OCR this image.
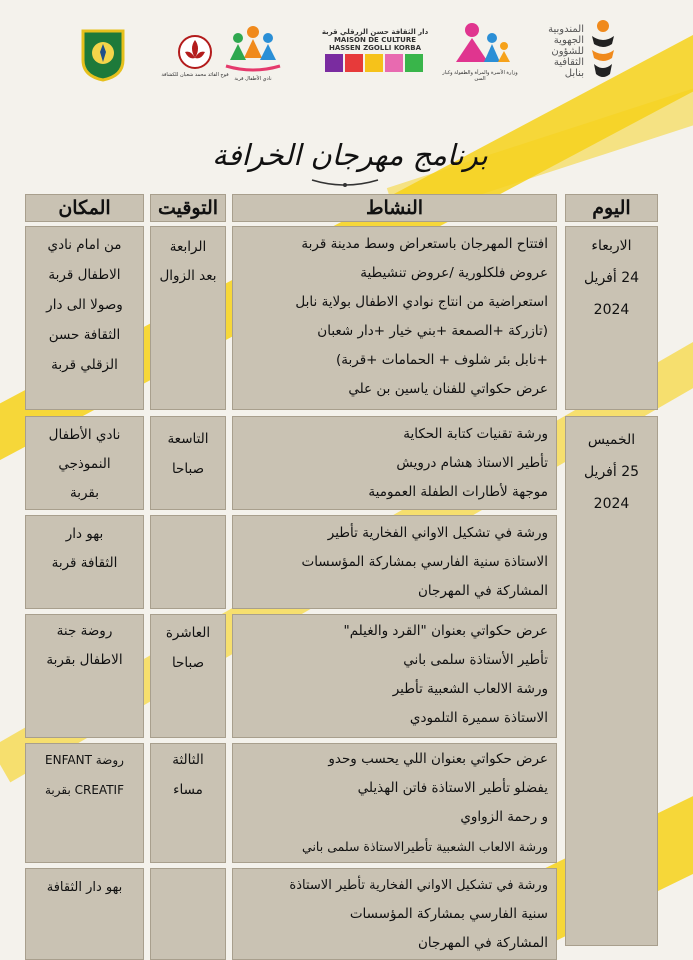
فوج القائد محمد شعبان للكشافة
نادي الأطفال قربة
دار الثقافة حسن الزرقلي قربة MAISON DE CULTURE HASSEN ZGOLLI KORBA
وزارة الأسرة والمرأة والطفولة وكبار السن
المندوبية الجهوية للشؤون الثقافية بنابل
برنامج مهرجان الخرافة
اليوم
النشاط
التوقيت
المكان
الاربعاء
24 أفريل
2024
الخميس
25 أفريل
2024
افتتاح المهرجان باستعراض وسط مدينة قربة
عروض فلكلورية /عروض تنشيطية
استعراضية من انتاج نوادي الاطفال بولاية نابل
(تازركة +الصمعة +بني خيار +دار شعبان
+نابل بئر شلوف + الحمامات +قربة)
عرض حكواتي للفنان ياسين بن علي
الرابعة
بعد الزوال
من امام نادي
الاطفال قربة
وصولا الى دار
الثقافة حسن
الزقلي قربة
ورشة تقنيات كتابة الحكاية
تأطير الاستاذ هشام درويش
موجهة لأطارات الطفلة العمومية
التاسعة
صباحا
نادي الأطفال
النموذجي
بقربة
ورشة في تشكيل الاواني الفخارية تأطير
الاستاذة سنية الفارسي بمشاركة المؤسسات
المشاركة في المهرجان
بهو دار
الثقافة قربة
عرض حكواتي بعنوان "القرد والغيلم"
تأطير الأستاذة سلمى باني
ورشة الالعاب الشعبية تأطير
الاستاذة سميرة التلمودي
العاشرة
صباحا
روضة جنة
الاطفال بقربة
عرض حكواتي بعنوان اللي يحسب وحدو
يفضلو تأطير الاستاذة فاتن الهذيلي
و رحمة الزواوي
ورشة الالعاب الشعبية تأطيرالاستاذة سلمى باني
الثالثة
مساء
روضة ENFANT
CREATIF بقربة
ورشة في تشكيل الاواني الفخارية تأطير الاستاذة
سنية الفارسي بمشاركة المؤسسات
المشاركة في المهرجان
بهو دار الثقافة
